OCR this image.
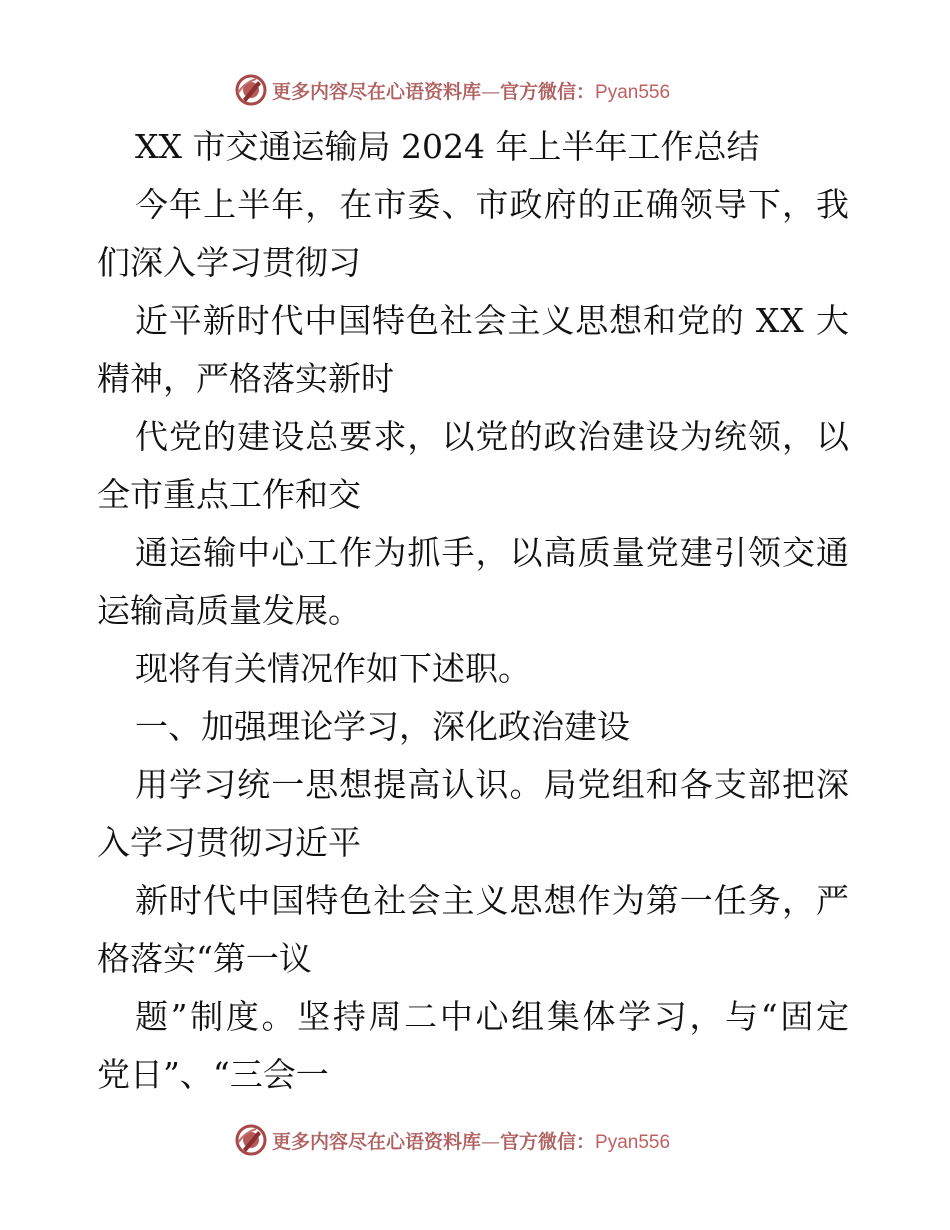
更多内容尽在心语资料库—官方微信：Pyan556
XX 市交通运输局 2024 年上半年工作总结
今年上半年，在市委、市政府的正确领导下，我
们深入学习贯彻习
近平新时代中国特色社会主义思想和党的 XX 大
精神，严格落实新时
代党的建设总要求，以党的政治建设为统领，以
全市重点工作和交
通运输中心工作为抓手，以高质量党建引领交通
运输高质量发展。
现将有关情况作如下述职。
一、加强理论学习，深化政治建设
用学习统一思想提高认识。局党组和各支部把深
入学习贯彻习近平
新时代中国特色社会主义思想作为第一任务，严
格落实“第一议
题”制度。坚持周二中心组集体学习，与“固定
党日”、“三会一
更多内容尽在心语资料库—官方微信：Pyan556
